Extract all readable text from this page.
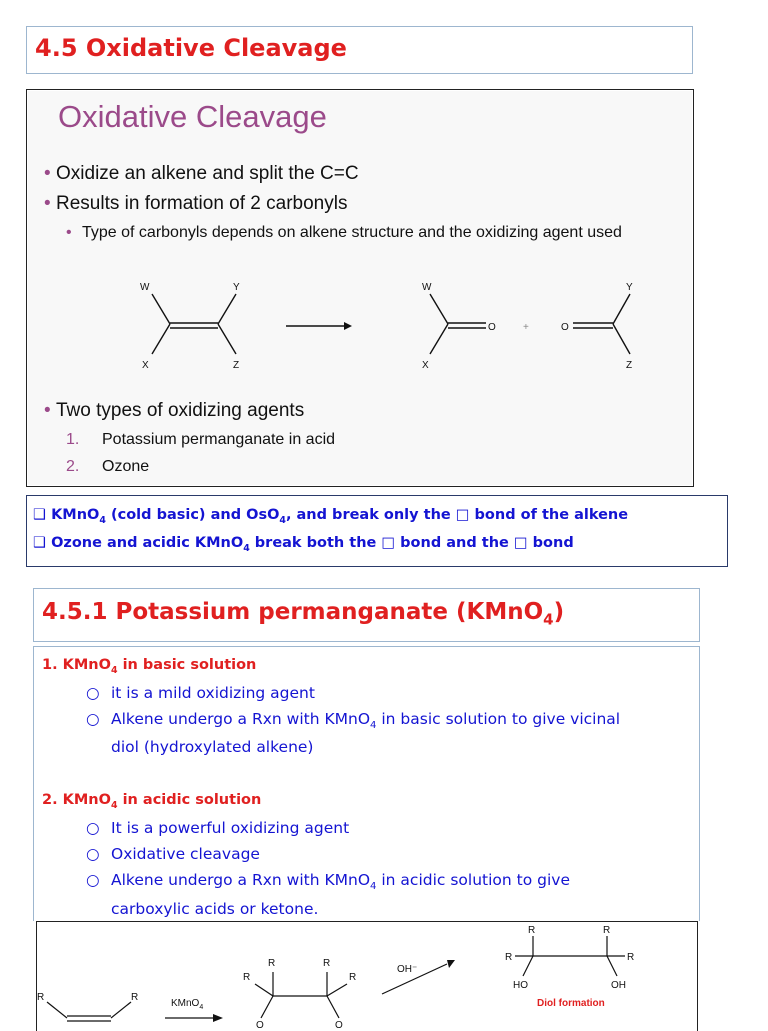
4.5 Oxidative Cleavage
Oxidative Cleavage
• Oxidize an alkene and split the C=C
• Results in formation of 2 carbonyls
• Type of carbonyls depends on alkene structure and the oxidizing agent used
W
X
Y
Z
W
X
O	+	O
Y
Z
• Two types of oxidizing agents
1. Potassium permanganate in acid
2. Ozone
❑ KMnO$_4$ (cold basic) and OsO$_4$, and break only the □ bond of the alkene
❑ Ozone and acidic KMnO$_4$ break both the □ bond and the □ bond
4.5.1 Potassium permanganate (KMnO$_4$)
1. KMnO$_4$ in basic solution
○ it is a mild oxidizing agent
○ Alkene undergo a Rxn with KMnO$_4$ in basic solution to give vicinal
diol (hydroxylated alkene)
2. KMnO$_4$ in acidic solution
○ It is a powerful oxidizing agent
○ Oxidative cleavage
○ Alkene undergo a Rxn with KMnO$_4$ in acidic solution to give
carboxylic acids or ketone.
R	R
KMnO$_4$
R
R	R
R
O	O
OH⁻
R	R
R	R
HO	OH
Diol formation
